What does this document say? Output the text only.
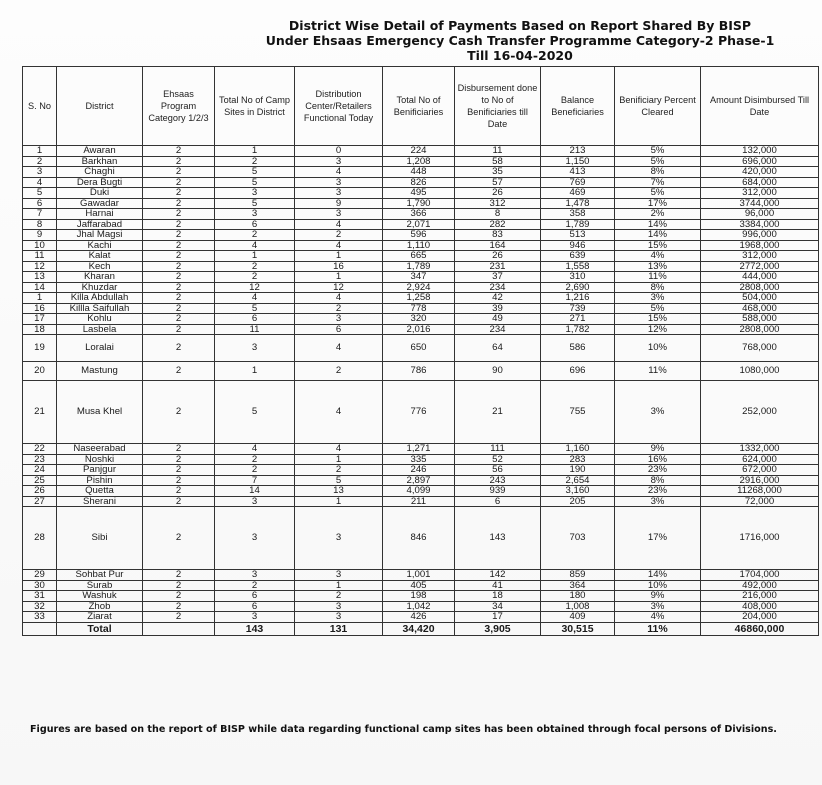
District Wise Detail of Payments Based on Report Shared By BISP
Under Ehsaas Emergency Cash Transfer Programme Category-2 Phase-1
Till 16-04-2020
S. No	District	Ehsaas Program Category 1/2/3	Total No of Camp Sites in District	Distribution Center/Retailers Functional Today	Total No of Benificiaries	Disbursement done to No of Benificiaries till Date	Balance Beneficiaries	Benificiary Percent Cleared	Amount Disimbursed Till Date
1	Awaran	2	1	0	224	11	213	5%	132,000
2	Barkhan	2	2	3	1,208	58	1,150	5%	696,000
3	Chaghi	2	5	4	448	35	413	8%	420,000
4	Dera Bugti	2	5	3	826	57	769	7%	684,000
5	Duki	2	3	3	495	26	469	5%	312,000
6	Gawadar	2	5	9	1,790	312	1,478	17%	3744,000
7	Harnai	2	3	3	366	8	358	2%	96,000
8	Jaffarabad	2	6	4	2,071	282	1,789	14%	3384,000
9	Jhal Magsi	2	2	2	596	83	513	14%	996,000
10	Kachi	2	4	4	1,110	164	946	15%	1968,000
11	Kalat	2	1	1	665	26	639	4%	312,000
12	Kech	2	2	16	1,789	231	1,558	13%	2772,000
13	Kharan	2	2	1	347	37	310	11%	444,000
14	Khuzdar	2	12	12	2,924	234	2,690	8%	2808,000
1	Killa Abdullah	2	4	4	1,258	42	1,216	3%	504,000
16	Killla Saifullah	2	5	2	778	39	739	5%	468,000
17	Kohlu	2	6	3	320	49	271	15%	588,000
18	Lasbela	2	11	6	2,016	234	1,782	12%	2808,000
19	Loralai	2	3	4	650	64	586	10%	768,000
20	Mastung	2	1	2	786	90	696	11%	1080,000
21	Musa Khel	2	5	4	776	21	755	3%	252,000
22	Naseerabad	2	4	4	1,271	111	1,160	9%	1332,000
23	Noshki	2	2	1	335	52	283	16%	624,000
24	Panjgur	2	2	2	246	56	190	23%	672,000
25	Pishin	2	7	5	2,897	243	2,654	8%	2916,000
26	Quetta	2	14	13	4,099	939	3,160	23%	11268,000
27	Sherani	2	3	1	211	6	205	3%	72,000
28	Sibi	2	3	3	846	143	703	17%	1716,000
29	Sohbat Pur	2	3	3	1,001	142	859	14%	1704,000
30	Surab	2	2	1	405	41	364	10%	492,000
31	Washuk	2	6	2	198	18	180	9%	216,000
32	Zhob	2	6	3	1,042	34	1,008	3%	408,000
33	Ziarat	2	3	3	426	17	409	4%	204,000
	Total		143	131	34,420	3,905	30,515	11%	46860,000
Figures are based on the report of BISP while data regarding functional camp sites has been obtained through focal persons of Divisions.
